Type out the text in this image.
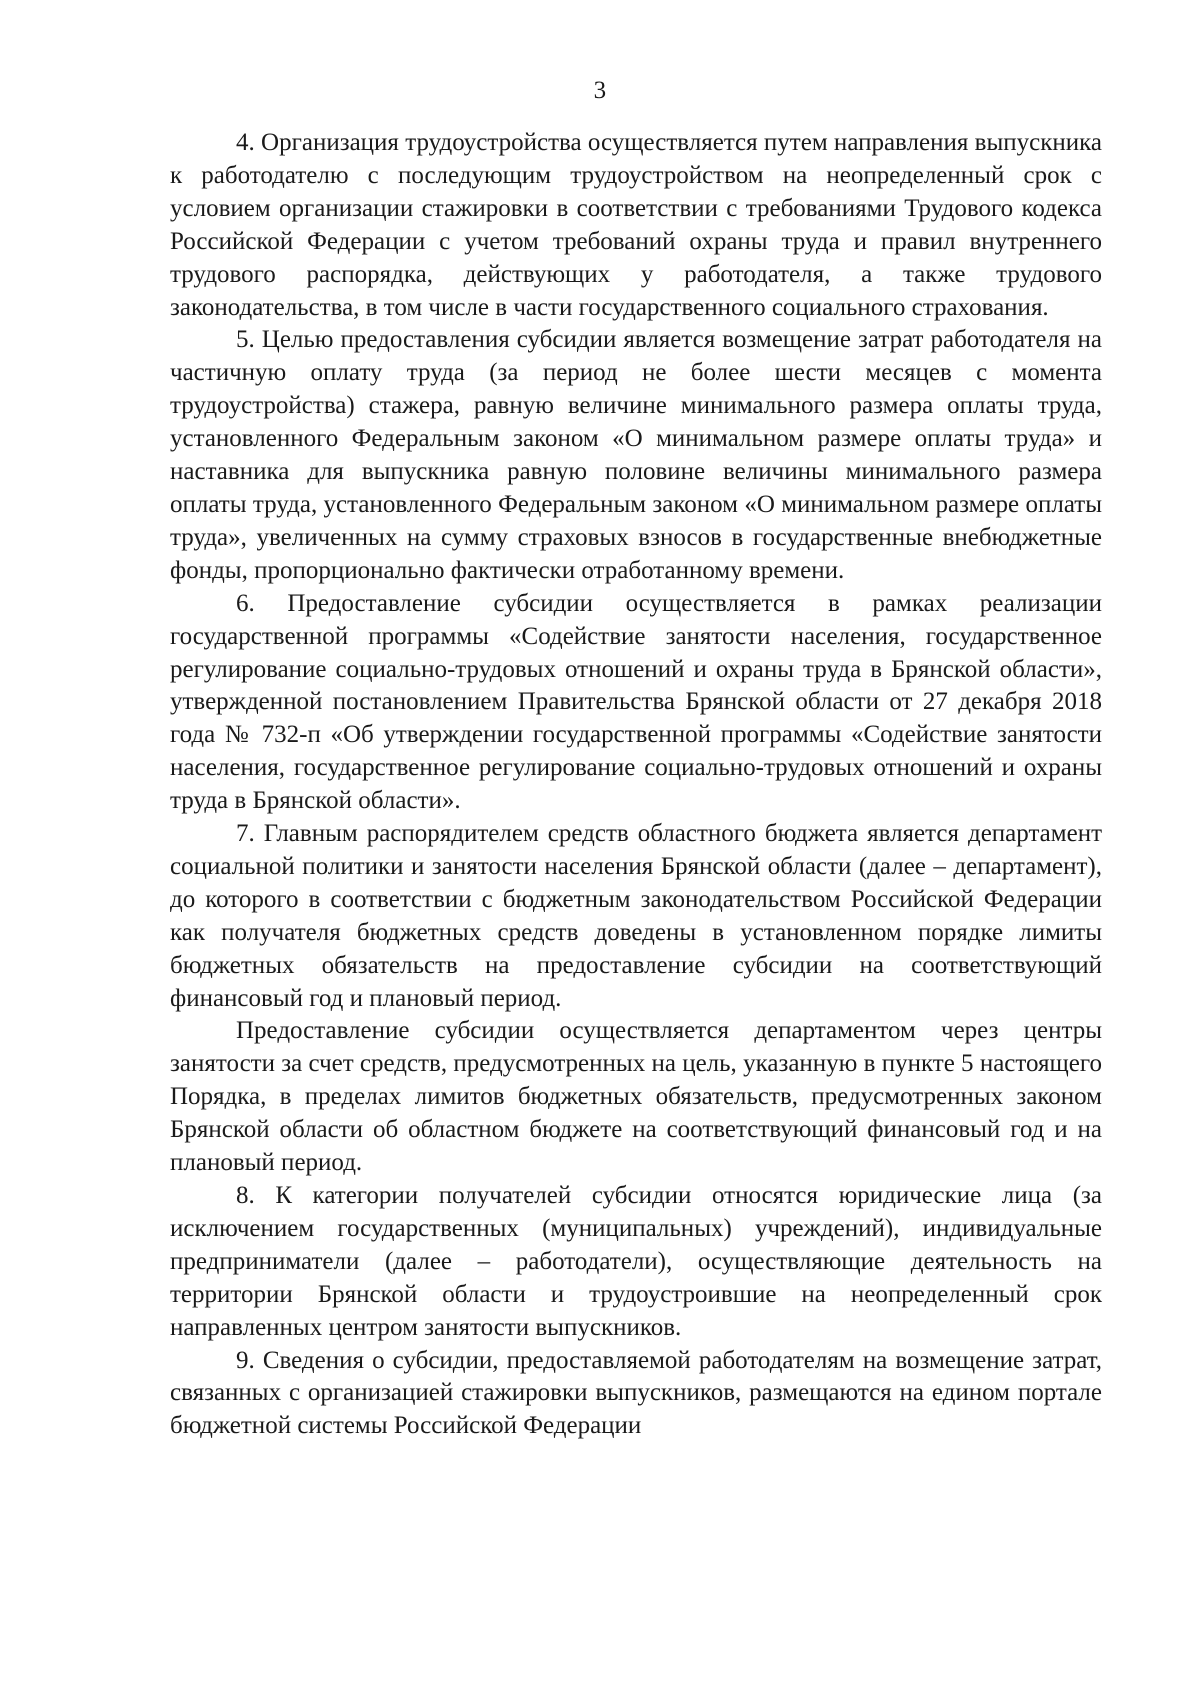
3

4. Организация трудоустройства осуществляется путем направления выпускника к работодателю с последующим трудоустройством на неопределенный срок с условием организации стажировки в соответствии с требованиями Трудового кодекса Российской Федерации с учетом требований охраны труда и правил внутреннего трудового распорядка, действующих у работодателя, а также трудового законодательства, в том числе в части государственного социального страхования.

5. Целью предоставления субсидии является возмещение затрат работодателя на частичную оплату труда (за период не более шести месяцев с момента трудоустройства) стажера, равную величине минимального размера оплаты труда, установленного Федеральным законом «О минимальном размере оплаты труда» и наставника для выпускника равную половине величины минимального размера оплаты труда, установленного Федеральным законом «О минимальном размере оплаты труда», увеличенных на сумму страховых взносов в государственные внебюджетные фонды, пропорционально фактически отработанному времени.

6. Предоставление субсидии осуществляется в рамках реализации государственной программы «Содействие занятости населения, государственное регулирование социально-трудовых отношений и охраны труда в Брянской области», утвержденной постановлением Правительства Брянской области от 27 декабря 2018 года № 732-п «Об утверждении государственной программы «Содействие занятости населения, государственное регулирование социально-трудовых отношений и охраны труда в Брянской области».

7. Главным распорядителем средств областного бюджета является департамент социальной политики и занятости населения Брянской области (далее – департамент), до которого в соответствии с бюджетным законодательством Российской Федерации как получателя бюджетных средств доведены в установленном порядке лимиты бюджетных обязательств на предоставление субсидии на соответствующий финансовый год и плановый период.

Предоставление субсидии осуществляется департаментом через центры занятости за счет средств, предусмотренных на цель, указанную в пункте 5 настоящего Порядка, в пределах лимитов бюджетных обязательств, предусмотренных законом Брянской области об областном бюджете на соответствующий финансовый год и на плановый период.

8. К категории получателей субсидии относятся юридические лица (за исключением государственных (муниципальных) учреждений), индивидуальные предприниматели (далее – работодатели), осуществляющие деятельность на территории Брянской области и трудоустроившие на неопределенный срок направленных центром занятости выпускников.

9. Сведения о субсидии, предоставляемой работодателям на возмещение затрат, связанных с организацией стажировки выпускников, размещаются на едином портале бюджетной системы Российской Федерации
